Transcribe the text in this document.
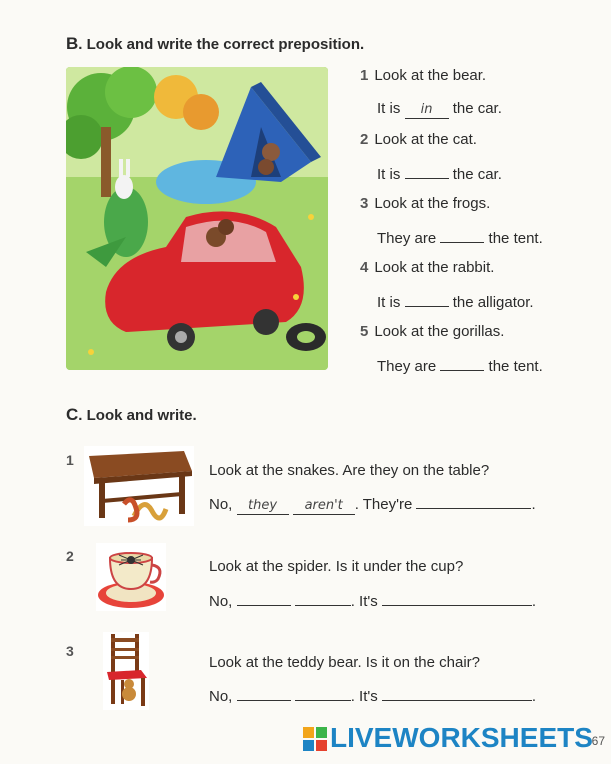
B. Look and write the correct preposition.
1 Look at the bear.
It is in the car.
2 Look at the cat.
It is	the car.
3 Look at the frogs.
They are	the tent.
4 Look at the rabbit.
It is	the alligator.
5 Look at the gorillas.
They are	the tent.
C. Look and write.
1
Look at the snakes. Are they on the table?
No, they aren't . They're	.
2
Look at the spider. Is it under the cup?
No,	. It's	.
3
Look at the teddy bear. Is it on the chair?
No,	. It's	.
LIVEWORKSHEETS
67
